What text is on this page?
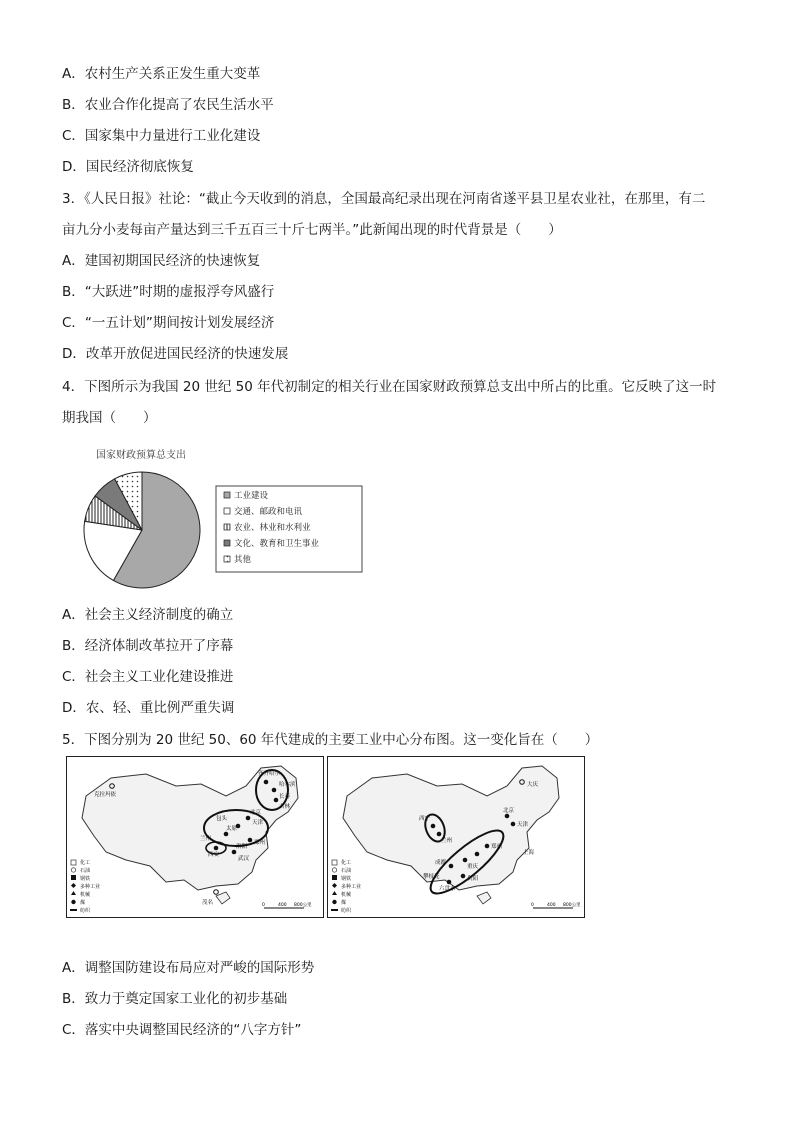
A．农村生产关系正发生重大变革
B．农业合作化提高了农民生活水平
C．国家集中力量进行工业化建设
D．国民经济彻底恢复
3．《人民日报》社论：“截止今天收到的消息，全国最高纪录出现在河南省遂平县卫星农业社，在那里，有二
亩九分小麦每亩产量达到三千五百三十斤七两半。”此新闻出现的时代背景是（　　）
A．建国初期国民经济的快速恢复
B．“大跃进”时期的虚报浮夸风盛行
C．“一五计划”期间按计划发展经济
D．改革开放促进国民经济的快速发展
4．下图所示为我国 20 世纪 50 年代初制定的相关行业在国家财政预算总支出中所占的比重。它反映了这一时
期我国（　　）
国家财政预算总支出
工业建设
交通、邮政和电讯
农业、林业和水利业
文化、教育和卫生事业
其他
A．社会主义经济制度的确立
B．经济体制改革拉开了序幕
C．社会主义工业化建设推进
D．农、轻、重比例严重失调
5．下图分别为 20 世纪 50、60 年代建成的主要工业中心分布图。这一变化旨在（　　）
齐齐哈尔
哈尔滨
长春
吉林
克拉玛依
包头
北京
天津
太原
兰州
西安
郑州
洛阳
武汉
茂名
化工
石油
钢铁
多种工业
机械
煤
纺织
0	400 800公里
大庆
西宁
兰州
北京
天津
成都
重庆
贵阳
六盘水
攀枝花
郑州
上海
化工
石油
钢铁
多种工业
机械
煤
纺织
0	400 800公里
A．调整国防建设布局应对严峻的国际形势
B．致力于奠定国家工业化的初步基础
C．落实中央调整国民经济的“八字方针”
